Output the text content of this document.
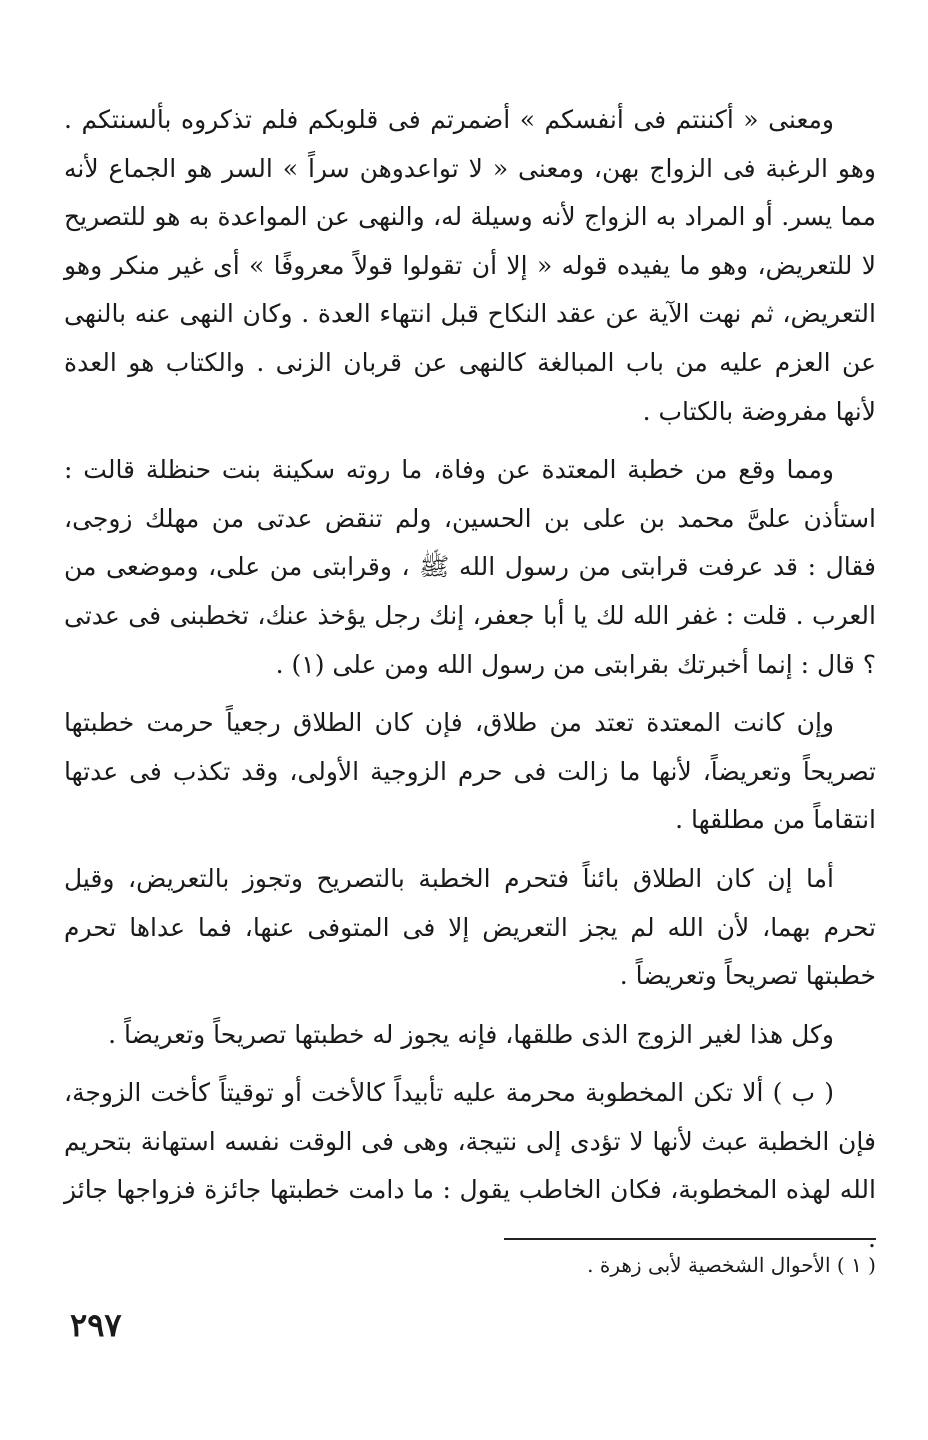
ومعنى « أكننتم فى أنفسكم » أضمرتم فى قلوبكم فلم تذكروه بألسنتكم . وهو الرغبة فى الزواج بهن، ومعنى « لا تواعدوهن سراً » السر هو الجماع لأنه مما يسر. أو المراد به الزواج لأنه وسيلة له، والنهى عن المواعدة به هو للتصريح لا للتعريض، وهو ما يفيده قوله « إلا أن تقولوا قولاً معروفًا » أى غير منكر وهو التعريض، ثم نهت الآية عن عقد النكاح قبل انتهاء العدة . وكان النهى عنه بالنهى عن العزم عليه من باب المبالغة كالنهى عن قربان الزنى . والكتاب هو العدة لأنها مفروضة بالكتاب .

ومما وقع من خطبة المعتدة عن وفاة، ما روته سكينة بنت حنظلة قالت : استأذن علىَّ محمد بن على بن الحسين، ولم تنقض عدتى من مهلك زوجى، فقال : قد عرفت قرابتى من رسول الله ﷺ ، وقرابتى من على، وموضعى من العرب . قلت : غفر الله لك يا أبا جعفر، إنك رجل يؤخذ عنك، تخطبنى فى عدتى ؟ قال : إنما أخبرتك بقرابتى من رسول الله ومن على (١) .

وإن كانت المعتدة تعتد من طلاق، فإن كان الطلاق رجعياً حرمت خطبتها تصريحاً وتعريضاً، لأنها ما زالت فى حرم الزوجية الأولى، وقد تكذب فى عدتها انتقاماً من مطلقها .

أما إن كان الطلاق بائناً فتحرم الخطبة بالتصريح وتجوز بالتعريض، وقيل تحرم بهما، لأن الله لم يجز التعريض إلا فى المتوفى عنها، فما عداها تحرم خطبتها تصريحاً وتعريضاً .

وكل هذا لغير الزوج الذى طلقها، فإنه يجوز له خطبتها تصريحاً وتعريضاً .

( ب ) ألا تكن المخطوبة محرمة عليه تأبيداً كالأخت أو توقيتاً كأخت الزوجة، فإن الخطبة عبث لأنها لا تؤدى إلى نتيجة، وهى فى الوقت نفسه استهانة بتحريم الله لهذه المخطوبة، فكان الخاطب يقول : ما دامت خطبتها جائزة فزواجها جائز .

( ١ ) الأحوال الشخصية لأبى زهرة .
٢٩٧
